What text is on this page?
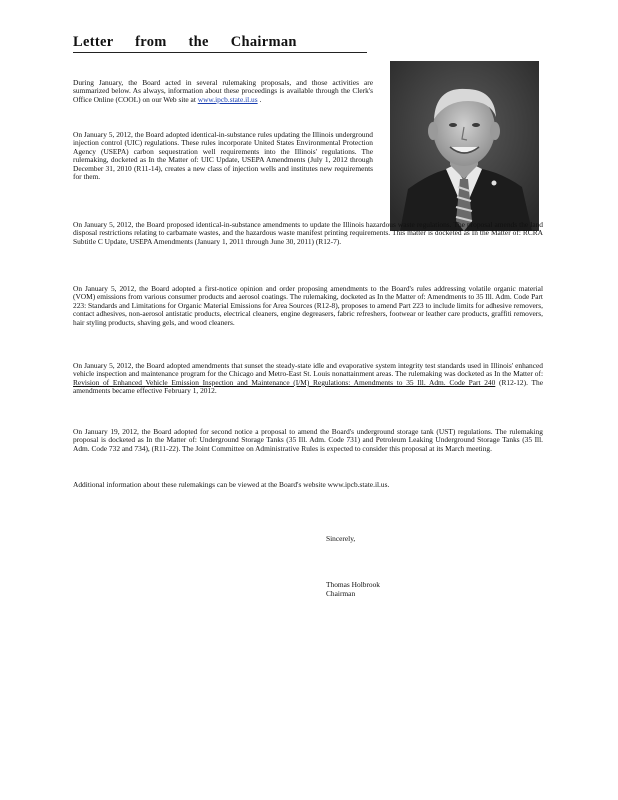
Letter from the Chairman

During January, the Board acted in several rulemaking proposals, and those activities are summarized below. As always, information about these proceedings is available through the Clerk's Office Online (COOL) on our Web site at www.ipcb.state.il.us .

On January 5, 2012, the Board adopted identical-in-substance rules updating the Illinois underground injection control (UIC) regulations. These rules incorporate United States Environmental Protection Agency (USEPA) carbon sequestration well requirements into the Illinois' regulations. The rulemaking, docketed as In the Matter of: UIC Update, USEPA Amendments (July 1, 2012 through December 31, 2010 (R11-14), creates a new class of injection wells and institutes new requirements for them.

On January 5, 2012, the Board proposed identical-in-substance amendments to update the Illinois hazardous waste regulations. The proposal amends the land disposal restrictions relating to carbamate wastes, and the hazardous waste manifest printing requirements. This matter is docketed as In the Matter of: RCRA Subtitle C Update, USEPA Amendments (January 1, 2011 through June 30, 2011) (R12-7).

On January 5, 2012, the Board adopted a first-notice opinion and order proposing amendments to the Board's rules addressing volatile organic material (VOM) emissions from various consumer products and aerosol coatings. The rulemaking, docketed as In the Matter of: Amendments to 35 Ill. Adm. Code Part 223: Standards and Limitations for Organic Material Emissions for Area Sources (R12-8), proposes to amend Part 223 to include limits for adhesive removers, contact adhesives, non-aerosol antistatic products, electrical cleaners, engine degreasers, fabric refreshers, footwear or leather care products, graffiti removers, hair styling products, shaving gels, and wood cleaners.

On January 5, 2012, the Board adopted amendments that sunset the steady-state idle and evaporative system integrity test standards used in Illinois' enhanced vehicle inspection and maintenance program for the Chicago and Metro-East St. Louis nonattainment areas. The rulemaking was docketed as In the Matter of: Revision of Enhanced Vehicle Emission Inspection and Maintenance (I/M) Regulations: Amendments to 35 Ill. Adm. Code Part 240 (R12-12). The amendments became effective February 1, 2012.

On January 19, 2012, the Board adopted for second notice a proposal to amend the Board's underground storage tank (UST) regulations. The rulemaking proposal is docketed as In the Matter of: Underground Storage Tanks (35 Ill. Adm. Code 731) and Petroleum Leaking Underground Storage Tanks (35 Ill. Adm. Code 732 and 734), (R11-22). The Joint Committee on Administrative Rules is expected to consider this proposal at its March meeting.

Additional information about these rulemakings can be viewed at the Board's website www.ipcb.state.il.us.

Sincerely,
Thomas Holbrook
Chairman
